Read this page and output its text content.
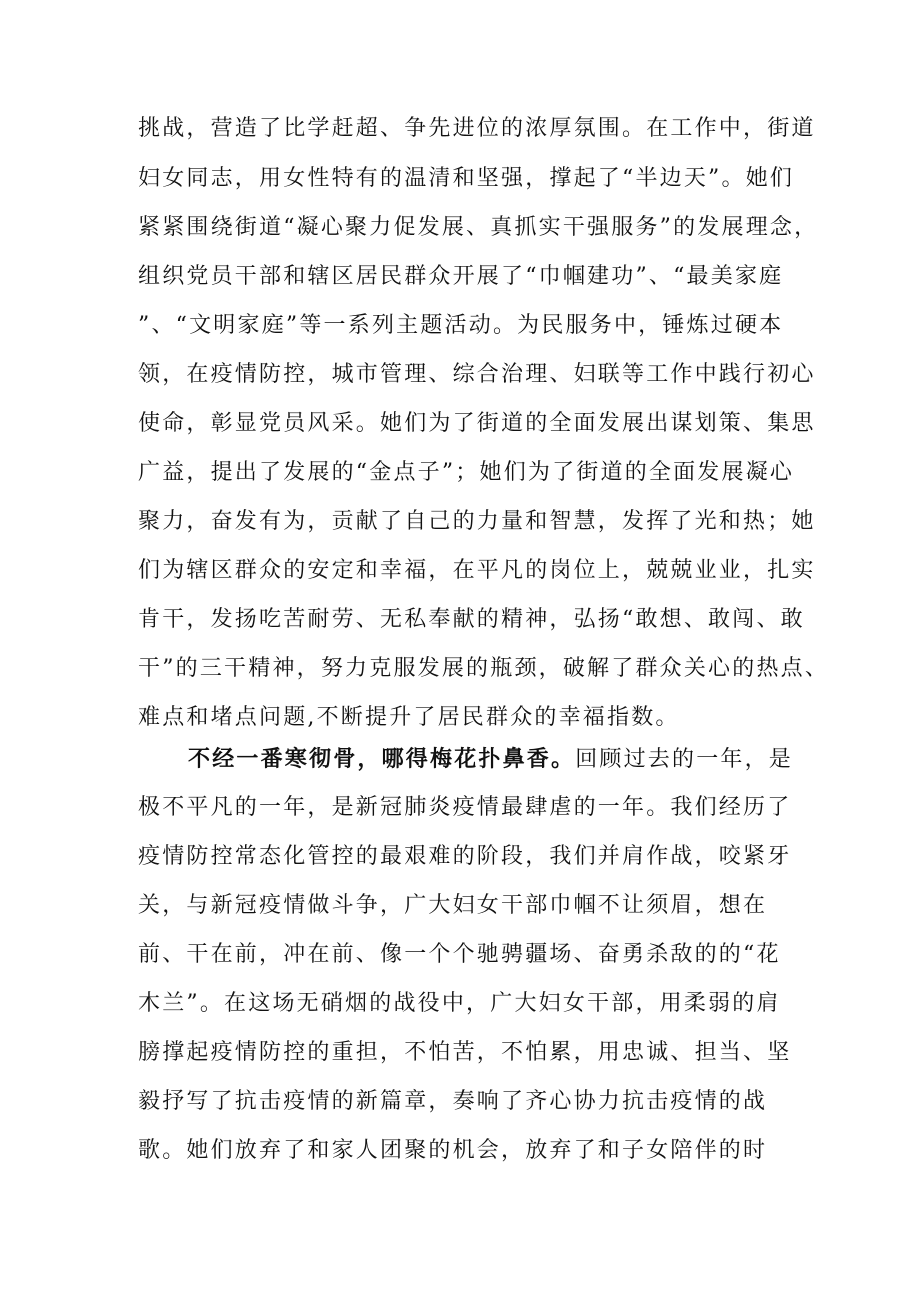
挑战，营造了比学赶超、争先进位的浓厚氛围。在工作中，街道

妇女同志，用女性特有的温清和坚强，撑起了“半边天”。她们

紧紧围绕街道“凝心聚力促发展、真抓实干强服务”的发展理念，

组织党员干部和辖区居民群众开展了“巾帼建功”、“最美家庭

”、“文明家庭”等一系列主题活动。为民服务中，锤炼过硬本

领，在疫情防控，城市管理、综合治理、妇联等工作中践行初心

使命，彰显党员风采。她们为了街道的全面发展出谋划策、集思

广益，提出了发展的“金点子”；她们为了街道的全面发展凝心

聚力，奋发有为，贡献了自己的力量和智慧，发挥了光和热；她

们为辖区群众的安定和幸福，在平凡的岗位上，兢兢业业，扎实

肯干，发扬吃苦耐劳、无私奉献的精神，弘扬“敢想、敢闯、敢

干”的三干精神，努力克服发展的瓶颈，破解了群众关心的热点、

难点和堵点问题,不断提升了居民群众的幸福指数。

不经一番寒彻骨，哪得梅花扑鼻香。回顾过去的一年，是

极不平凡的一年，是新冠肺炎疫情最肆虐的一年。我们经历了

疫情防控常态化管控的最艰难的阶段，我们并肩作战，咬紧牙

关，与新冠疫情做斗争，广大妇女干部巾帼不让须眉，想在

前、干在前，冲在前、像一个个驰骋疆场、奋勇杀敌的的“花

木兰”。在这场无硝烟的战役中，广大妇女干部，用柔弱的肩

膀撑起疫情防控的重担，不怕苦，不怕累，用忠诚、担当、坚

毅抒写了抗击疫情的新篇章，奏响了齐心协力抗击疫情的战

歌。她们放弃了和家人团聚的机会，放弃了和子女陪伴的时
